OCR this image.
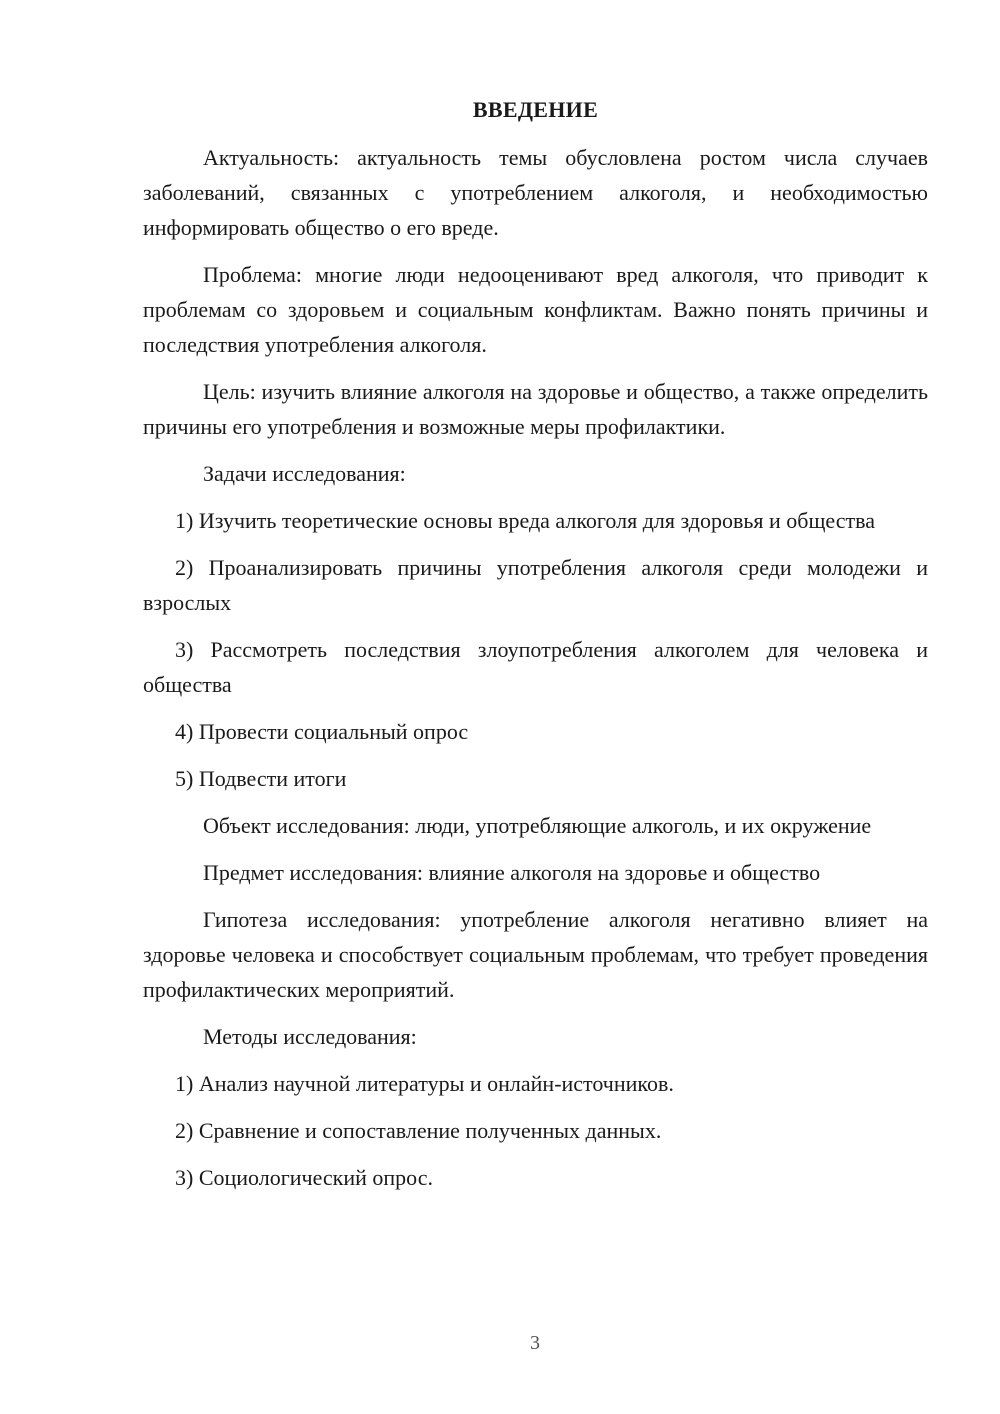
ВВЕДЕНИЕ

Актуальность: актуальность темы обусловлена ростом числа случаев заболеваний, связанных с употреблением алкоголя, и необходимостью информировать общество о его вреде.

Проблема: многие люди недооценивают вред алкоголя, что приводит к проблемам со здоровьем и социальным конфликтам. Важно понять причины и последствия употребления алкоголя.

Цель: изучить влияние алкоголя на здоровье и общество, а также определить причины его употребления и возможные меры профилактики.

Задачи исследования:

1) Изучить теоретические основы вреда алкоголя для здоровья и общества

2) Проанализировать причины употребления алкоголя среди молодежи и взрослых

3) Рассмотреть последствия злоупотребления алкоголем для человека и общества

4) Провести социальный опрос

5) Подвести итоги

Объект исследования: люди, употребляющие алкоголь, и их окружение

Предмет исследования: влияние алкоголя на здоровье и общество

Гипотеза исследования: употребление алкоголя негативно влияет на здоровье человека и способствует социальным проблемам, что требует проведения профилактических мероприятий.

Методы исследования:

1) Анализ научной литературы и онлайн-источников.

2) Сравнение и сопоставление полученных данных.

3) Социологический опрос.

3
